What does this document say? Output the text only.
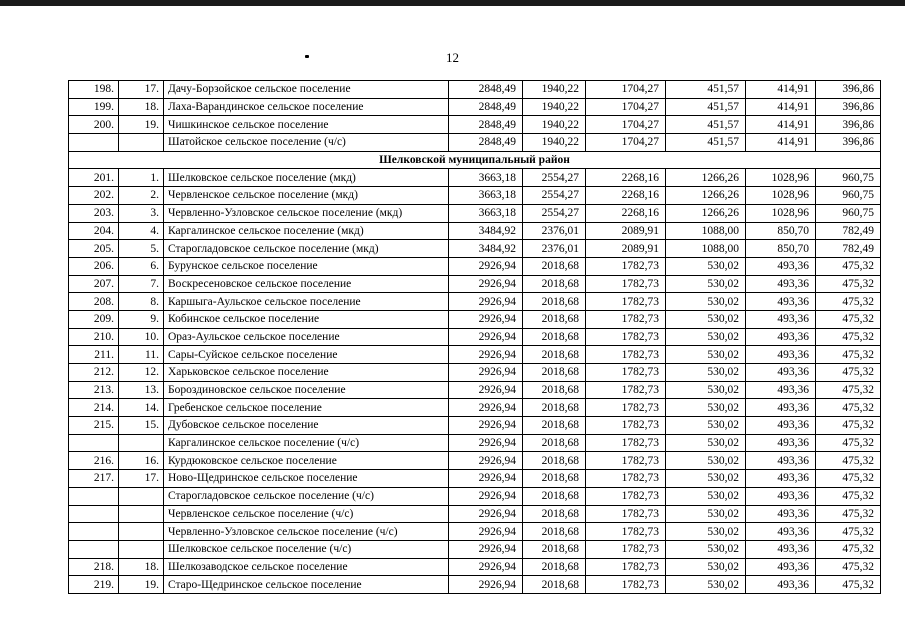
12
198.	17.	Дачу-Борзойское сельское поселение	2848,49	1940,22	1704,27	451,57	414,91	396,86
199.	18.	Лаха-Варандинское сельское поселение	2848,49	1940,22	1704,27	451,57	414,91	396,86
200.	19.	Чишкинское сельское поселение	2848,49	1940,22	1704,27	451,57	414,91	396,86
		Шатойское сельское поселение (ч/с)	2848,49	1940,22	1704,27	451,57	414,91	396,86
Шелковской муниципальный район								
201.	1.	Шелковское сельское поселение (мкд)	3663,18	2554,27	2268,16	1266,26	1028,96	960,75
202.	2.	Червленское сельское поселение (мкд)	3663,18	2554,27	2268,16	1266,26	1028,96	960,75
203.	3.	Червленно-Узловское сельское поселение (мкд)	3663,18	2554,27	2268,16	1266,26	1028,96	960,75
204.	4.	Каргалинское сельское поселение (мкд)	3484,92	2376,01	2089,91	1088,00	850,70	782,49
205.	5.	Старогладовское сельское поселение (мкд)	3484,92	2376,01	2089,91	1088,00	850,70	782,49
206.	6.	Бурунское сельское поселение	2926,94	2018,68	1782,73	530,02	493,36	475,32
207.	7.	Воскресеновское сельское поселение	2926,94	2018,68	1782,73	530,02	493,36	475,32
208.	8.	Каршыга-Аульское сельское поселение	2926,94	2018,68	1782,73	530,02	493,36	475,32
209.	9.	Кобинское сельское поселение	2926,94	2018,68	1782,73	530,02	493,36	475,32
210.	10.	Ораз-Аульское сельское поселение	2926,94	2018,68	1782,73	530,02	493,36	475,32
211.	11.	Сары-Суйское сельское поселение	2926,94	2018,68	1782,73	530,02	493,36	475,32
212.	12.	Харьковское сельское поселение	2926,94	2018,68	1782,73	530,02	493,36	475,32
213.	13.	Бороздиновское сельское поселение	2926,94	2018,68	1782,73	530,02	493,36	475,32
214.	14.	Гребенское сельское поселение	2926,94	2018,68	1782,73	530,02	493,36	475,32
215.	15.	Дубовское сельское поселение	2926,94	2018,68	1782,73	530,02	493,36	475,32
		Каргалинское сельское поселение (ч/с)	2926,94	2018,68	1782,73	530,02	493,36	475,32
216.	16.	Курдюковское сельское поселение	2926,94	2018,68	1782,73	530,02	493,36	475,32
217.	17.	Ново-Щедринское сельское поселение	2926,94	2018,68	1782,73	530,02	493,36	475,32
		Старогладовское сельское поселение (ч/с)	2926,94	2018,68	1782,73	530,02	493,36	475,32
		Червленское сельское поселение (ч/с)	2926,94	2018,68	1782,73	530,02	493,36	475,32
		Червленно-Узловское сельское поселение (ч/с)	2926,94	2018,68	1782,73	530,02	493,36	475,32
		Шелковское сельское поселение (ч/с)	2926,94	2018,68	1782,73	530,02	493,36	475,32
218.	18.	Шелкозаводское сельское поселение	2926,94	2018,68	1782,73	530,02	493,36	475,32
219.	19.	Старо-Щедринское сельское поселение	2926,94	2018,68	1782,73	530,02	493,36	475,32
